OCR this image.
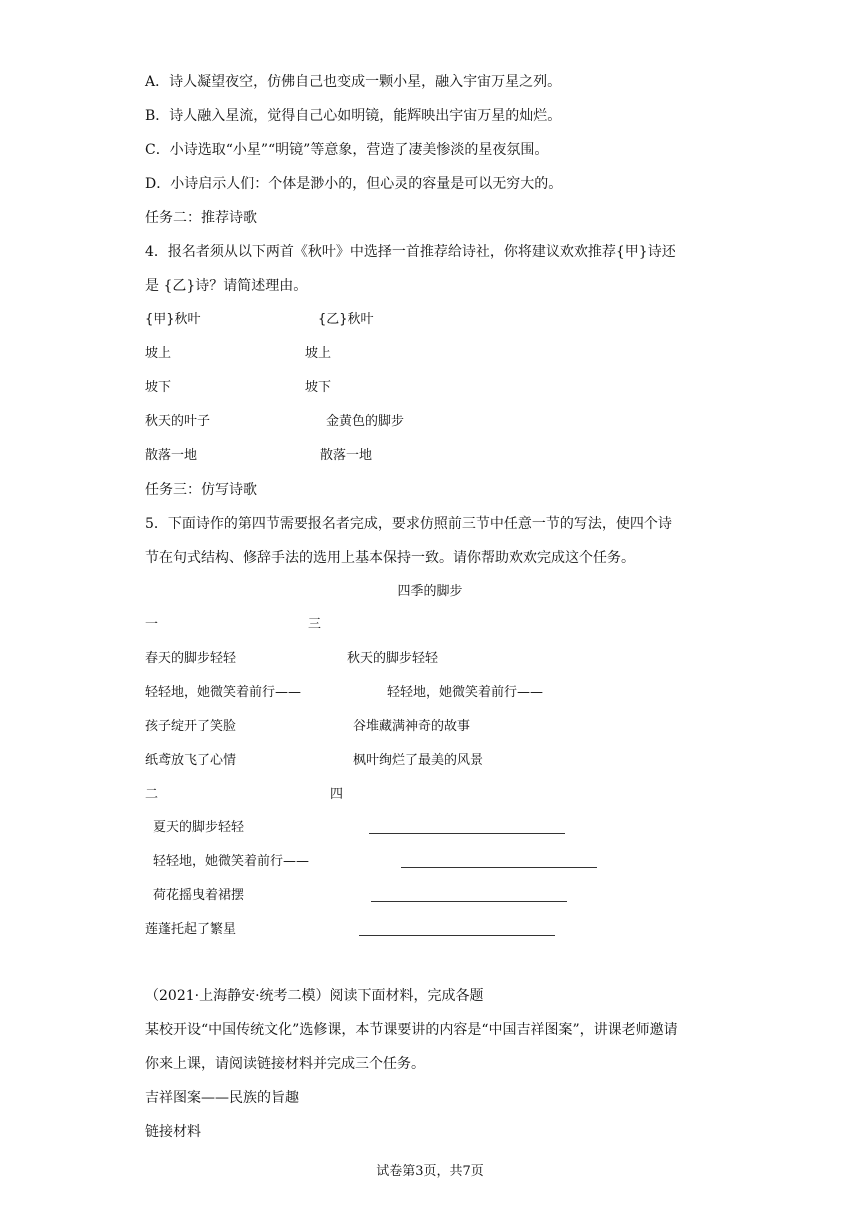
A．诗人凝望夜空，仿佛自己也变成一颗小星，融入宇宙万星之列。
B．诗人融入星流，觉得自己心如明镜，能辉映出宇宙万星的灿烂。
C．小诗选取“小星”“明镜”等意象，营造了凄美惨淡的星夜氛围。
D．小诗启示人们：个体是渺小的，但心灵的容量是可以无穷大的。
任务二：推荐诗歌
4．报名者须从以下两首《秋叶》中选择一首推荐给诗社，你将建议欢欢推荐{甲}诗还
是 {乙}诗？请简述理由。
{甲}秋叶	{乙}秋叶
坡上	坡上
坡下	坡下
秋天的叶子	金黄色的脚步
散落一地	散落一地
任务三：仿写诗歌
5．下面诗作的第四节需要报名者完成，要求仿照前三节中任意一节的写法，使四个诗
节在句式结构、修辞手法的选用上基本保持一致。请你帮助欢欢完成这个任务。
四季的脚步
一	三
春天的脚步轻轻	秋天的脚步轻轻
轻轻地，她微笑着前行——	轻轻地，她微笑着前行——
孩子绽开了笑脸	谷堆藏满神奇的故事
纸鸢放飞了心情	枫叶绚烂了最美的风景
二	四
夏天的脚步轻轻
轻轻地，她微笑着前行——
荷花摇曳着裙摆
莲蓬托起了繁星
（2021·上海静安·统考二模）阅读下面材料，完成各题
某校开设“中国传统文化”选修课，本节课要讲的内容是“中国吉祥图案”，讲课老师邀请
你来上课，请阅读链接材料并完成三个任务。
吉祥图案——民族的旨趣
链接材料
试卷第3页，共7页
